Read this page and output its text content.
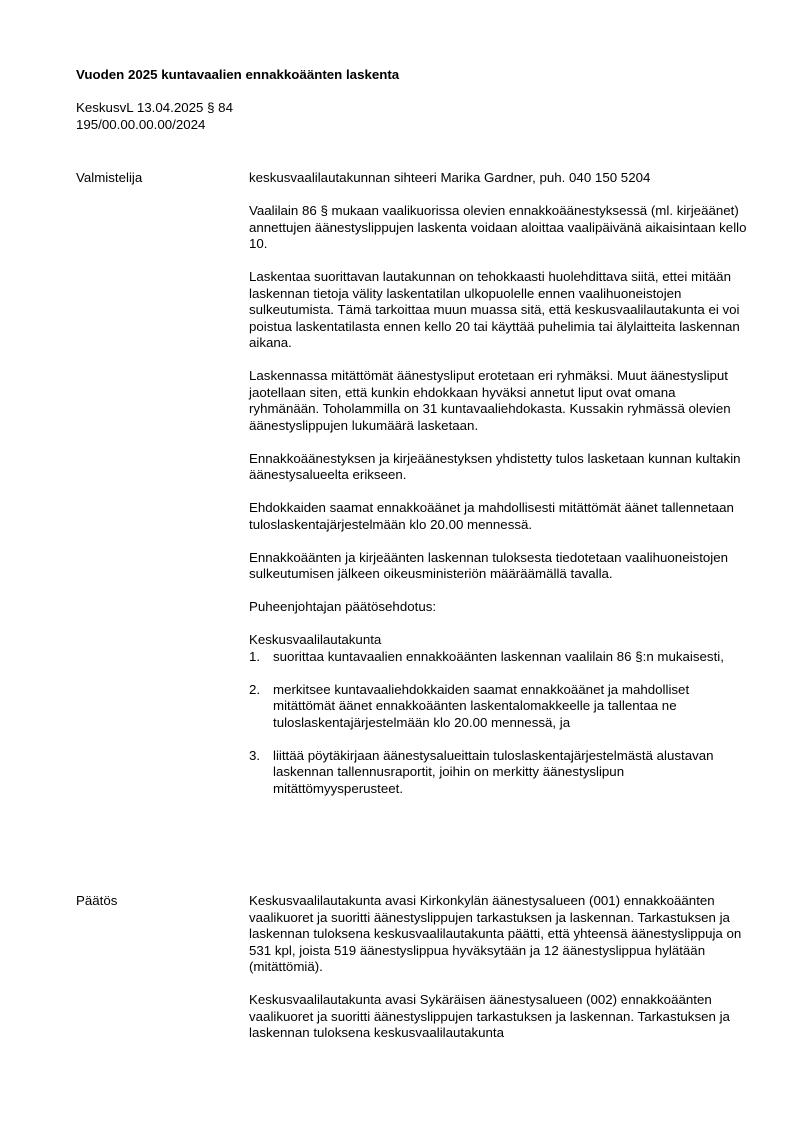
Vuoden 2025 kuntavaalien ennakkoäänten laskenta
KeskusvL 13.04.2025 § 84
195/00.00.00.00/2024
Valmistelija	keskusvaalilautakunnan sihteeri Marika Gardner, puh. 040 150 5204

Vaalilain 86 § mukaan vaalikuorissa olevien ennakkoäänestyksessä (ml. kirjeäänet) annettujen äänestyslippujen laskenta voidaan aloittaa vaalipäivänä aikaisintaan kello 10.

Laskentaa suorittavan lautakunnan on tehokkaasti huolehdittava siitä, ettei mitään laskennan tietoja välity laskentatilan ulkopuolelle ennen vaalihuoneistojen sulkeutumista. Tämä tarkoittaa muun muassa sitä, että keskusvaalilautakunta ei voi poistua laskentatilasta ennen kello 20 tai käyttää puhelimia tai älylaitteita laskennan aikana.

Laskennassa mitättömät äänestysliput erotetaan eri ryhmäksi. Muut äänestysliput jaotellaan siten, että kunkin ehdokkaan hyväksi annetut liput ovat omana ryhmänään. Toholammilla on 31 kuntavaaliehdokasta. Kussakin ryhmässä olevien äänestyslippujen lukumäärä lasketaan.

Ennakkoäänestyksen ja kirjeäänestyksen yhdistetty tulos lasketaan kunnan kultakin äänestysalueelta erikseen.

Ehdokkaiden saamat ennakkoäänet ja mahdollisesti mitättömät äänet tallennetaan tuloslaskentajärjestelmään klo 20.00 mennessä.

Ennakkoäänten ja kirjeäänten laskennan tuloksesta tiedotetaan vaalihuoneistojen sulkeutumisen jälkeen oikeusministeriön määräämällä tavalla.

Puheenjohtajan päätösehdotus:

Keskusvaalilautakunta

1. suorittaa kuntavaalien ennakkoäänten laskennan vaalilain 86 §:n mukaisesti,
2. merkitsee kuntavaaliehdokkaiden saamat ennakkoäänet ja mahdolliset mitättömät äänet ennakkoäänten laskentalomakkeelle ja tallentaa ne tuloslaskentajärjestelmään klo 20.00 mennessä, ja
3. liittää pöytäkirjaan äänestysalueittain tuloslaskentajärjestelmästä alustavan laskennan tallennusraportit, joihin on merkitty äänestyslipun mitättömyysperusteet.
Päätös	Keskusvaalilautakunta avasi Kirkonkylän äänestysalueen (001) ennakkoäänten vaalikuoret ja suoritti äänestyslippujen tarkastuksen ja laskennan. Tarkastuksen ja laskennan tuloksena keskusvaalilautakunta päätti, että yhteensä äänestyslippuja on 531 kpl, joista 519 äänestyslippua hyväksytään ja 12 äänestyslippua hylätään (mitättömiä).

Keskusvaalilautakunta avasi Sykäräisen äänestysalueen (002) ennakkoäänten vaalikuoret ja suoritti äänestyslippujen tarkastuksen ja laskennan. Tarkastuksen ja laskennan tuloksena keskusvaalilautakunta
